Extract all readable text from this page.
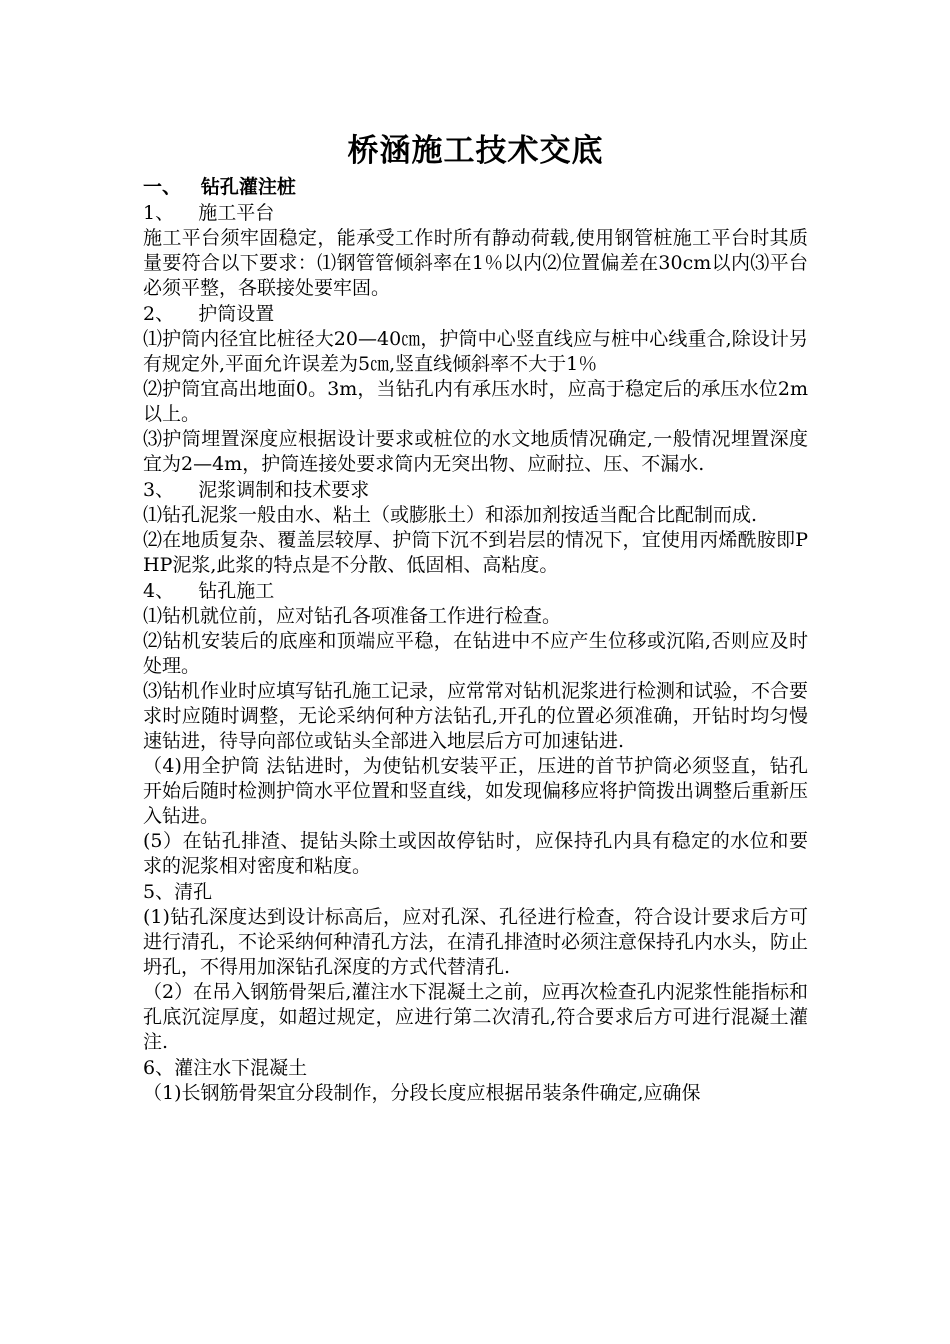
桥涵施工技术交底
一、   钻孔灌注桩
1、    施工平台

施工平台须牢固稳定，能承受工作时所有静动荷载,使用钢管桩施工平台时其质量要符合以下要求：⑴钢管管倾斜率在1％以内⑵位置偏差在30cm以内⑶平台必须平整，各联接处要牢固。

2、    护筒设置

⑴护筒内径宜比桩径大20—40㎝，护筒中心竖直线应与桩中心线重合,除设计另有规定外,平面允许误差为5㎝,竖直线倾斜率不大于1％

⑵护筒宜高出地面0。3m，当钻孔内有承压水时，应高于稳定后的承压水位2m以上。

⑶护筒埋置深度应根据设计要求或桩位的水文地质情况确定,一般情况埋置深度宜为2—4m，护筒连接处要求筒内无突出物、应耐拉、压、不漏水.

3、    泥浆调制和技术要求

⑴钻孔泥浆一般由水、粘土（或膨胀土）和添加剂按适当配合比配制而成.

⑵在地质复杂、覆盖层较厚、护筒下沉不到岩层的情况下，宜使用丙烯酰胺即PHP泥浆,此浆的特点是不分散、低固相、高粘度。

4、    钻孔施工

⑴钻机就位前，应对钻孔各项准备工作进行检查。

⑵钻机安装后的底座和顶端应平稳，在钻进中不应产生位移或沉陷,否则应及时处理。

⑶钻机作业时应填写钻孔施工记录，应常常对钻机泥浆进行检测和试验，不合要求时应随时调整，无论采纳何种方法钻孔,开孔的位置必须准确，开钻时均匀慢速钻进，待导向部位或钻头全部进入地层后方可加速钻进.

（4)用全护筒 法钻进时，为使钻机安装平正，压进的首节护筒必须竖直，钻孔开始后随时检测护筒水平位置和竖直线，如发现偏移应将护筒拨出调整后重新压入钻进。

(5）在钻孔排渣、提钻头除土或因故停钻时，应保持孔内具有稳定的水位和要求的泥浆相对密度和粘度。

5、清孔

(1)钻孔深度达到设计标高后，应对孔深、孔径进行检查，符合设计要求后方可进行清孔，不论采纳何种清孔方法，在清孔排渣时必须注意保持孔内水头，防止坍孔，不得用加深钻孔深度的方式代替清孔.

（2）在吊入钢筋骨架后,灌注水下混凝土之前，应再次检查孔内泥浆性能指标和孔底沉淀厚度，如超过规定，应进行第二次清孔,符合要求后方可进行混凝土灌注.

6、灌注水下混凝土

（1)长钢筋骨架宜分段制作，分段长度应根据吊装条件确定,应确保
